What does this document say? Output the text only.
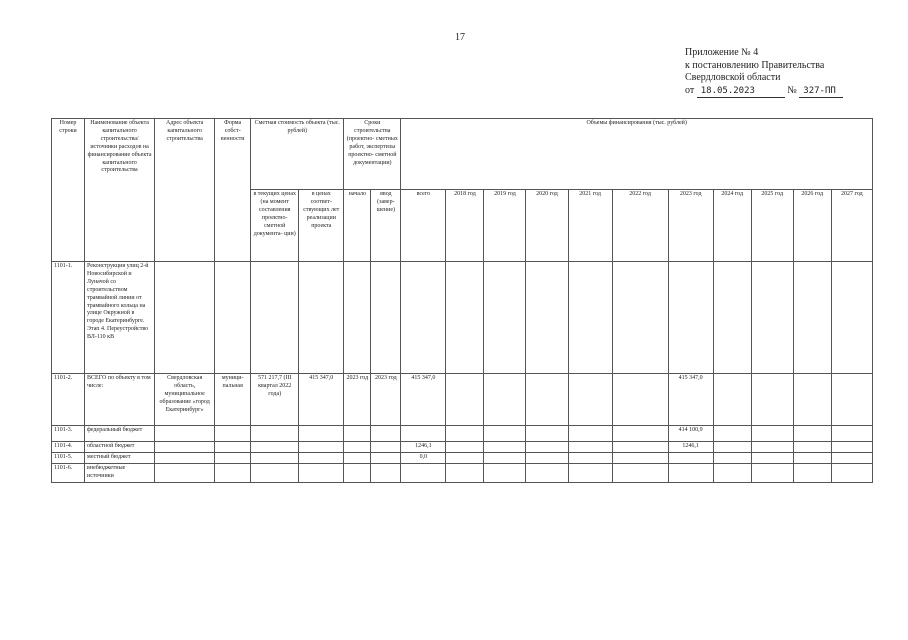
17
Приложение № 4
к постановлению Правительства
Свердловской области
от 18.05.2023	№ 327-ПП
Номер строки	Наименование объекта капитального строительства/ источники расходов на финансирование объекта капитального строительства	Адрес объекта капитального строительства	Форма собст- венности	Сметная стоимость объекта (тыс. рублей)		Сроки строительства (проектно- сметных работ, экспертизы проектно- сметной документации)		Объемы финансирования (тыс. рублей)										
				в текущих ценах (на момент составления проектно- сметной документа- ции)	в ценах соответ- ствующих лет реализации проекта	начало	ввод (завер- шение)	всего	2018 год	2019 год	2020 год	2021 год	2022 год	2023 год	2024 год	2025 год	2026 год	2027 год
1101-1.	Реконструкция улиц 2-й Новосибирской и Луначой со строительством трамвайной линии от трамвайного кольца на улице Окружной в городе Екатеринбурге. Этап 4. Переустройство ВЛ-110 кВ																	
1101-2.	ВСЕГО по объекту в том числе:	Свердловская область, муниципальное образование «город Екатеринбург»	муници- пальная	571 217,7 (III квартал 2022 года)	415 347,0	2023 год	2023 год	415 347,0						415 347,0				
1101-3.	федеральный бюджет													414 100,9				
1101-4.	областной бюджет							1246,1						1246,1				
1101-5.	местный бюджет							0,0										
1101-6.	внебюджетные источники																	
